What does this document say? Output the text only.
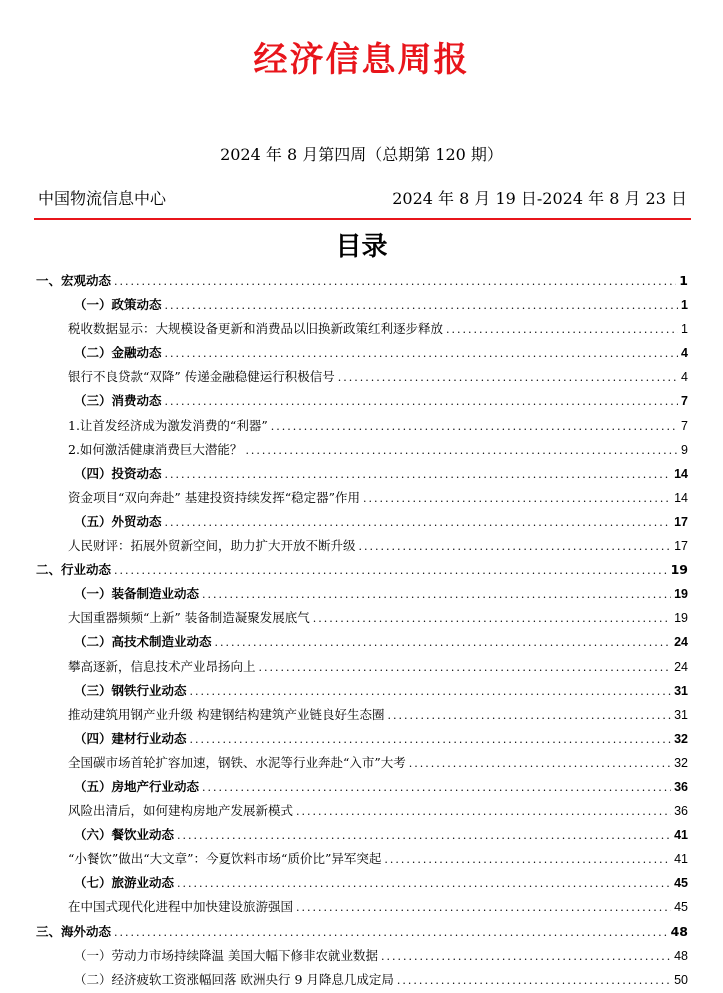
经济信息周报
2024 年 8 月第四周（总期第 120 期）
中国物流信息中心	2024 年 8 月 19 日-2024 年 8 月 23 日
目录
一、宏观动态 .....	1
（一）政策动态 .....	1
税收数据显示：大规模设备更新和消费品以旧换新政策红利逐步释放 .....	1
（二）金融动态 .....	4
银行不良贷款“双降” 传递金融稳健运行积极信号 .....	4
（三）消费动态 .....	7
1.让首发经济成为激发消费的“利器” .....	7
2.如何激活健康消费巨大潜能？ .....	9
（四）投资动态 .....	14
资金项目“双向奔赴” 基建投资持续发挥“稳定器”作用 .....	14
（五）外贸动态 .....	17
人民财评：拓展外贸新空间，助力扩大开放不断升级 .....	17
二、行业动态 .....	19
（一）装备制造业动态 .....	19
大国重器频频“上新” 装备制造凝聚发展底气 .....	19
（二）高技术制造业动态 .....	24
攀高逐新，信息技术产业昂扬向上 .....	24
（三）钢铁行业动态 .....	31
推动建筑用钢产业升级 构建钢结构建筑产业链良好生态圈 .....	31
（四）建材行业动态 .....	32
全国碳市场首轮扩容加速，钢铁、水泥等行业奔赴“入市”大考 .....	32
（五）房地产行业动态 .....	36
风险出清后，如何建构房地产发展新模式 .....	36
（六）餐饮业动态 .....	41
“小餐饮”做出“大文章”：今夏饮料市场“质价比”异军突起 .....	41
（七）旅游业动态 .....	45
在中国式现代化进程中加快建设旅游强国 .....	45
三、海外动态 .....	48
（一）劳动力市场持续降温 美国大幅下修非农就业数据 .....	48
（二）经济疲软工资涨幅回落 欧洲央行 9 月降息几成定局 .....	50
